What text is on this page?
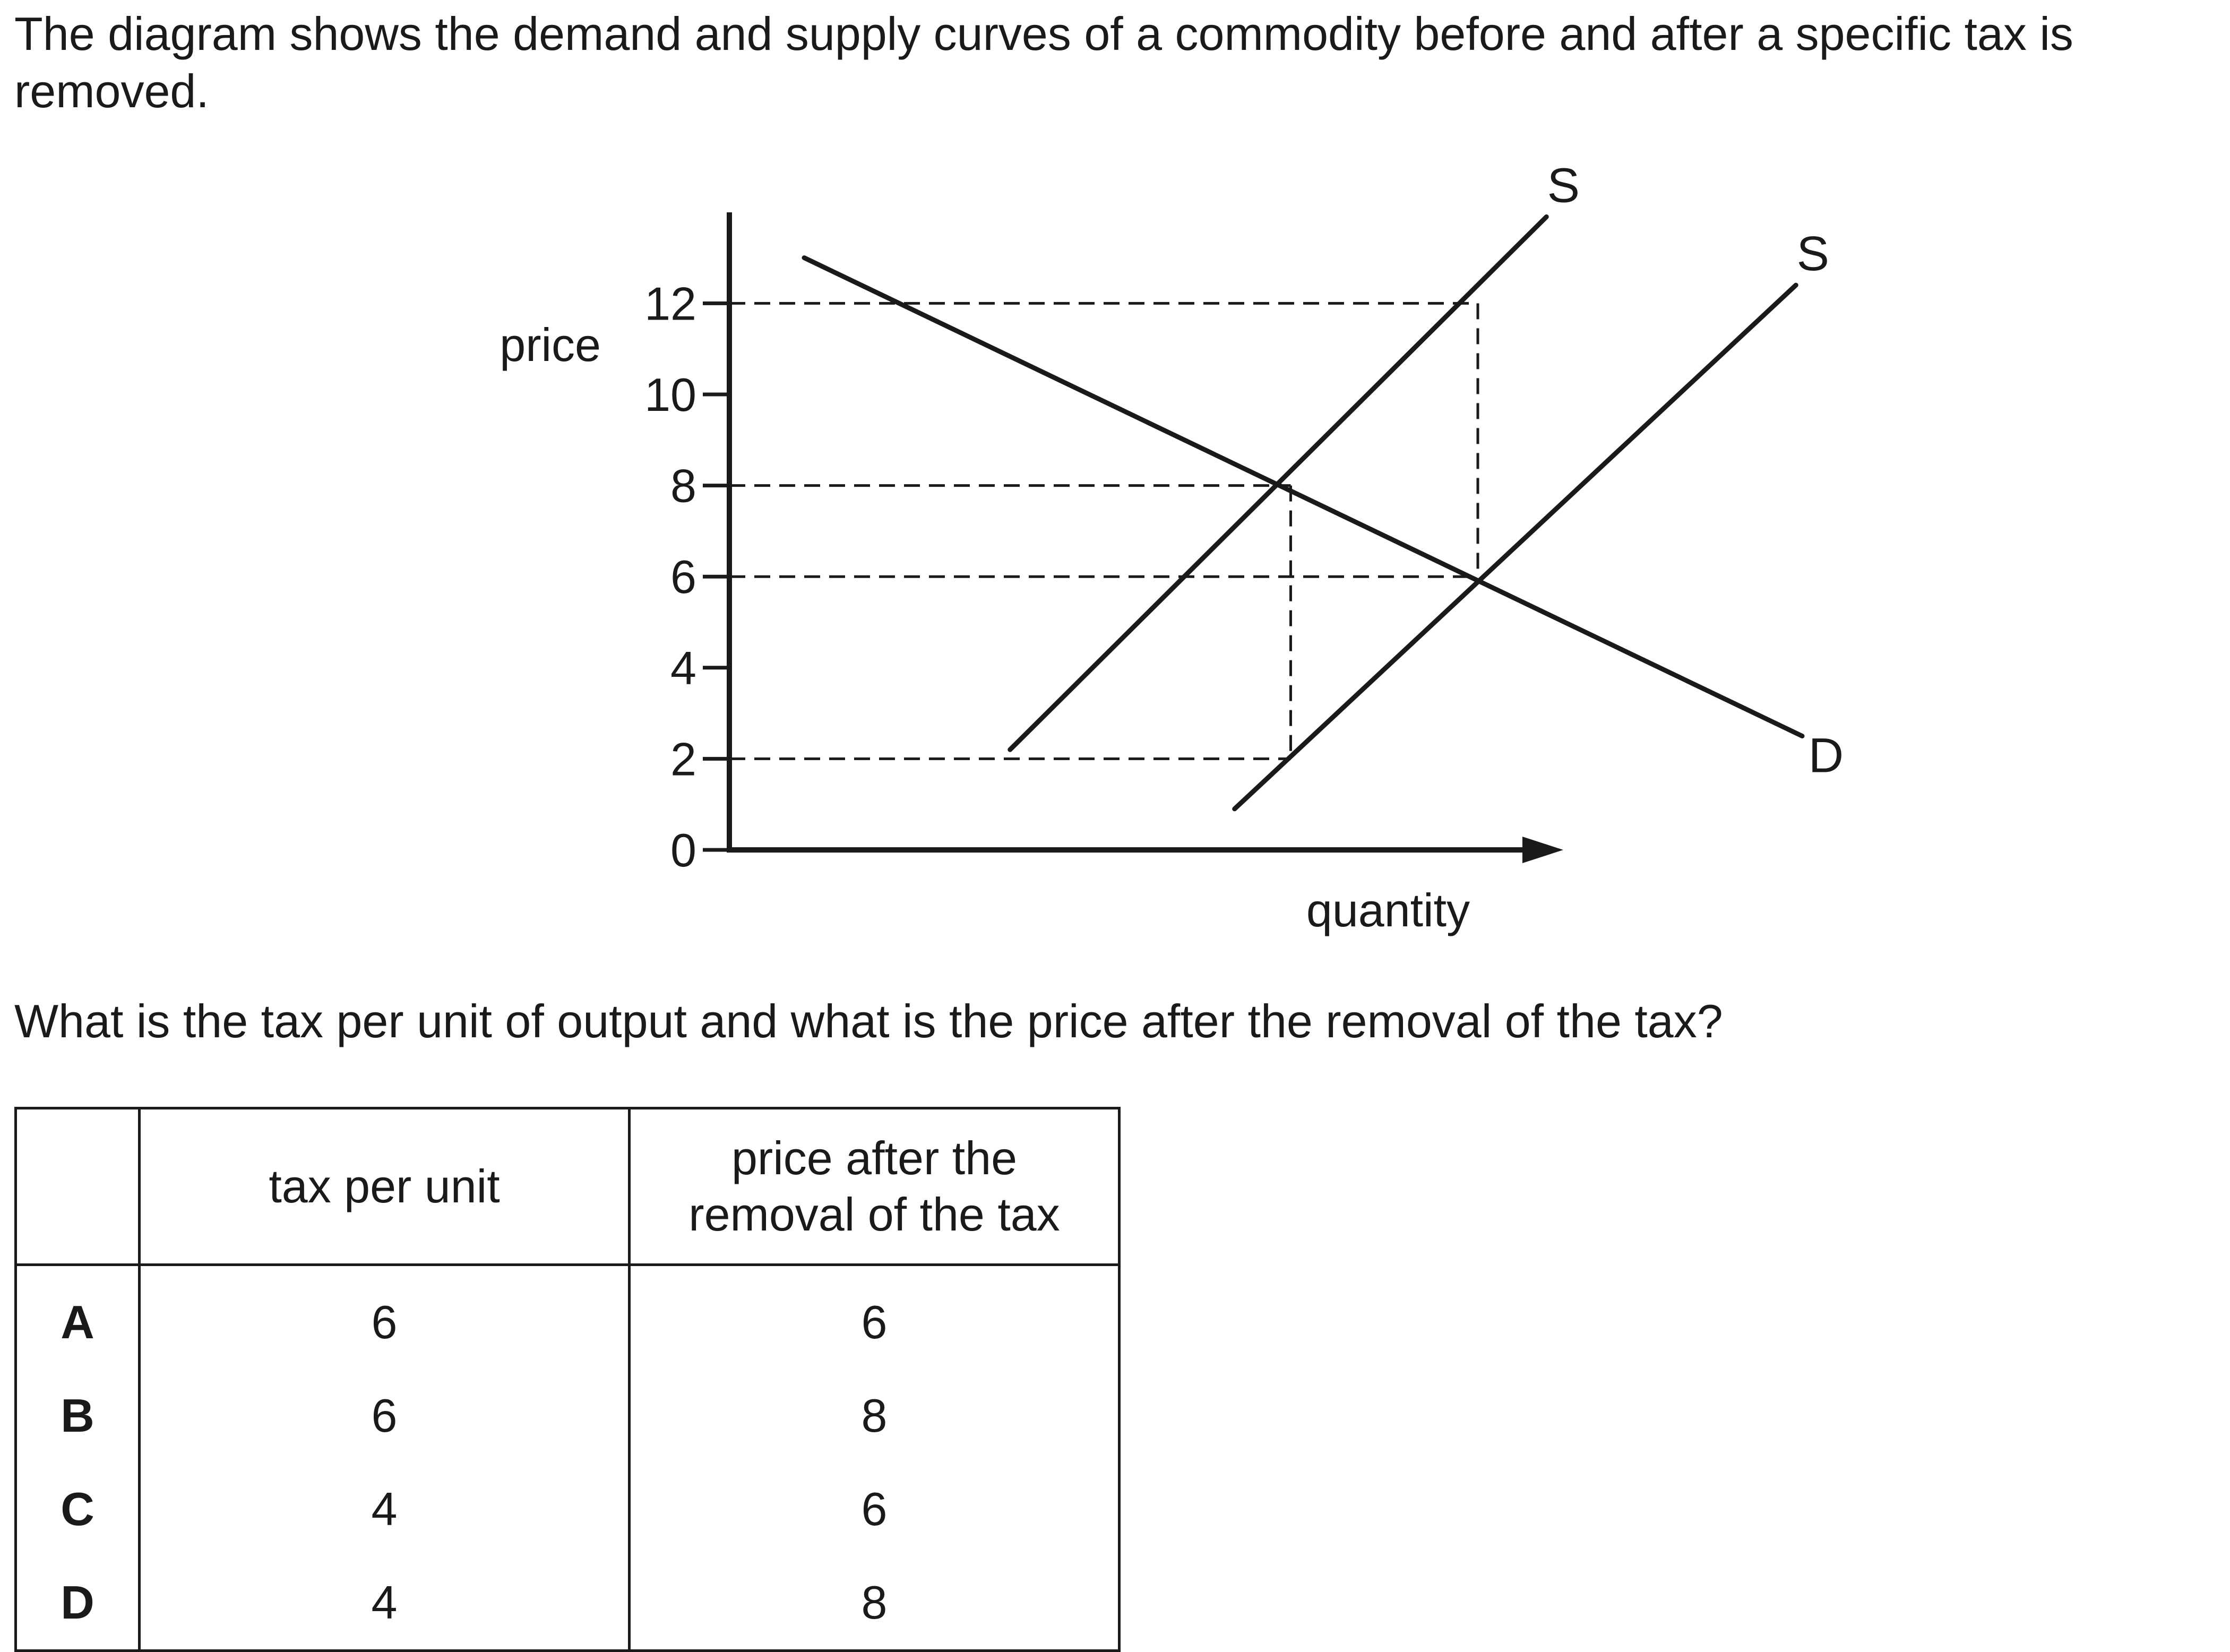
The diagram shows the demand and supply curves of a commodity before and after a specific tax is removed.

0
2
4
6
8
10
12
S
S
D
price
quantity

What is the tax per unit of output and what is the price after the removal of the tax?

	tax per unit	price after the
removal of the tax
A	6	6
B	6	8
C	4	6
D	4	8
